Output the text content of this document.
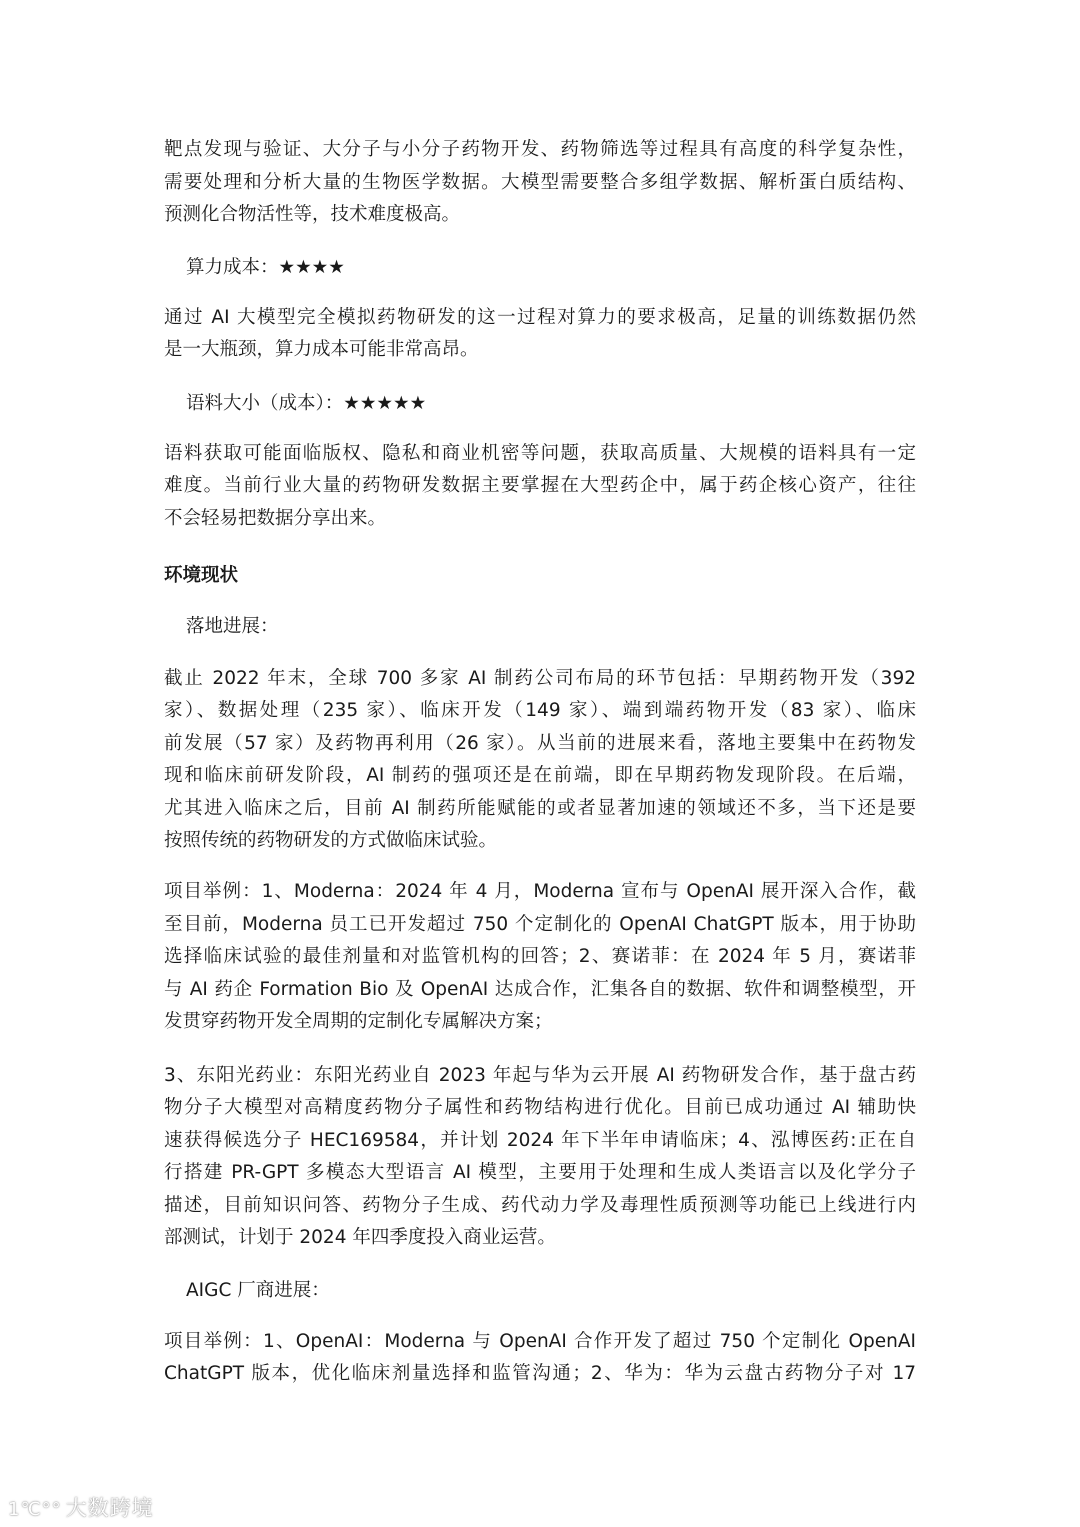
靶点发现与验证、大分子与小分子药物开发、药物筛选等过程具有高度的科学复杂性，
需要处理和分析大量的生物医学数据。大模型需要整合多组学数据、解析蛋白质结构、
预测化合物活性等，技术难度极高。
算力成本：★★★★
通过 AI 大模型完全模拟药物研发的这一过程对算力的要求极高，足量的训练数据仍然
是一大瓶颈，算力成本可能非常高昂。
语料大小（成本）：★★★★★
语料获取可能面临版权、隐私和商业机密等问题，获取高质量、大规模的语料具有一定
难度。当前行业大量的药物研发数据主要掌握在大型药企中，属于药企核心资产，往往
不会轻易把数据分享出来。
环境现状
落地进展：
截止 2022 年末，全球 700 多家 AI 制药公司布局的环节包括：早期药物开发（392
家）、数据处理（235 家）、临床开发（149 家）、端到端药物开发（83 家）、临床
前发展（57 家）及药物再利用（26 家）。从当前的进展来看，落地主要集中在药物发
现和临床前研发阶段，AI 制药的强项还是在前端，即在早期药物发现阶段。在后端，
尤其进入临床之后，目前 AI 制药所能赋能的或者显著加速的领域还不多，当下还是要
按照传统的药物研发的方式做临床试验。
项目举例：1、Moderna：2024 年 4 月，Moderna 宣布与 OpenAI 展开深入合作，截
至目前，Moderna 员工已开发超过 750 个定制化的 OpenAI ChatGPT 版本，用于协助
选择临床试验的最佳剂量和对监管机构的回答；2、赛诺菲：在 2024 年 5 月，赛诺菲
与 AI 药企 Formation Bio 及 OpenAI 达成合作，汇集各自的数据、软件和调整模型，开
发贯穿药物开发全周期的定制化专属解决方案；
3、东阳光药业：东阳光药业自 2023 年起与华为云开展 AI 药物研发合作，基于盘古药
物分子大模型对高精度药物分子属性和药物结构进行优化。目前已成功通过 AI 辅助快
速获得候选分子 HEC169584，并计划 2024 年下半年申请临床；4、泓博医药:正在自
行搭建 PR-GPT 多模态大型语言 AI 模型，主要用于处理和生成人类语言以及化学分子
描述，目前知识问答、药物分子生成、药代动力学及毒理性质预测等功能已上线进行内
部测试，计划于 2024 年四季度投入商业运营。
AIGC 厂商进展：
项目举例：1、OpenAI：Moderna 与 OpenAI 合作开发了超过 750 个定制化 OpenAI
ChatGPT 版本，优化临床剂量选择和监管沟通；2、华为：华为云盘古药物分子对 17
1℃°° 大数跨境
